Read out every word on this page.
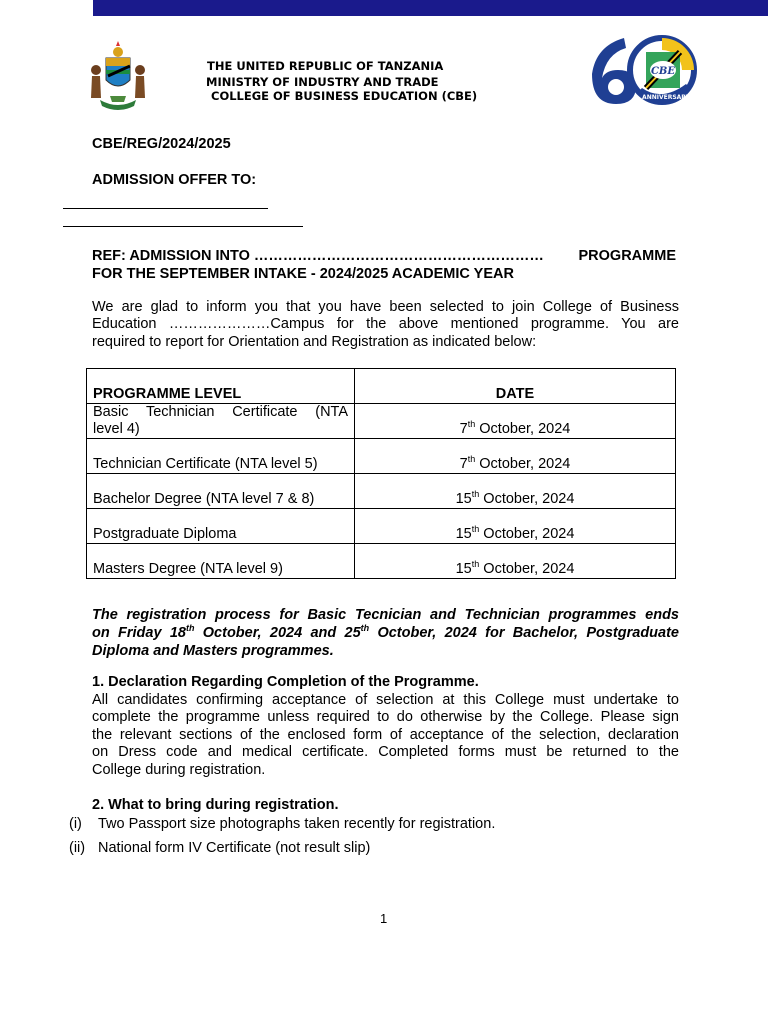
CBE
ANNIVERSARY
THE UNITED REPUBLIC OF TANZANIA
MINISTRY OF INDUSTRY AND TRADE
COLLEGE OF BUSINESS EDUCATION (CBE)
CBE/REG/2024/2025
ADMISSION OFFER TO:
REF: ADMISSION INTO ……………………………………………………	PROGRAMME
FOR THE SEPTEMBER INTAKE - 2024/2025 ACADEMIC YEAR
We are glad to inform you that you have been selected to join College of Business
Education …………………Campus for the above mentioned programme. You are
required to report for Orientation and Registration as indicated below:
PROGRAMME LEVEL	DATE

Basic Technician Certificate (NTA
level 4)	7th October, 2024
Technician Certificate (NTA level 5)	7th October, 2024
Bachelor Degree (NTA level 7 & 8)	15th October, 2024
Postgraduate Diploma	15th October, 2024
Masters Degree (NTA level 9)	15th October, 2024
The registration process for Basic Tecnician and Technician programmes ends
on Friday 18th October, 2024 and 25th October, 2024 for Bachelor, Postgraduate
Diploma and Masters programmes.
1. Declaration Regarding Completion of the Programme.
All candidates confirming acceptance of selection at this College must undertake to
complete the programme unless required to do otherwise by the College. Please sign
the relevant sections of the enclosed form of acceptance of the selection, declaration
on Dress code and medical certificate. Completed forms must be returned to the
College during registration.
2. What to bring during registration.
(i) Two Passport size photographs taken recently for registration.
(ii) National form IV Certificate (not result slip)
1
